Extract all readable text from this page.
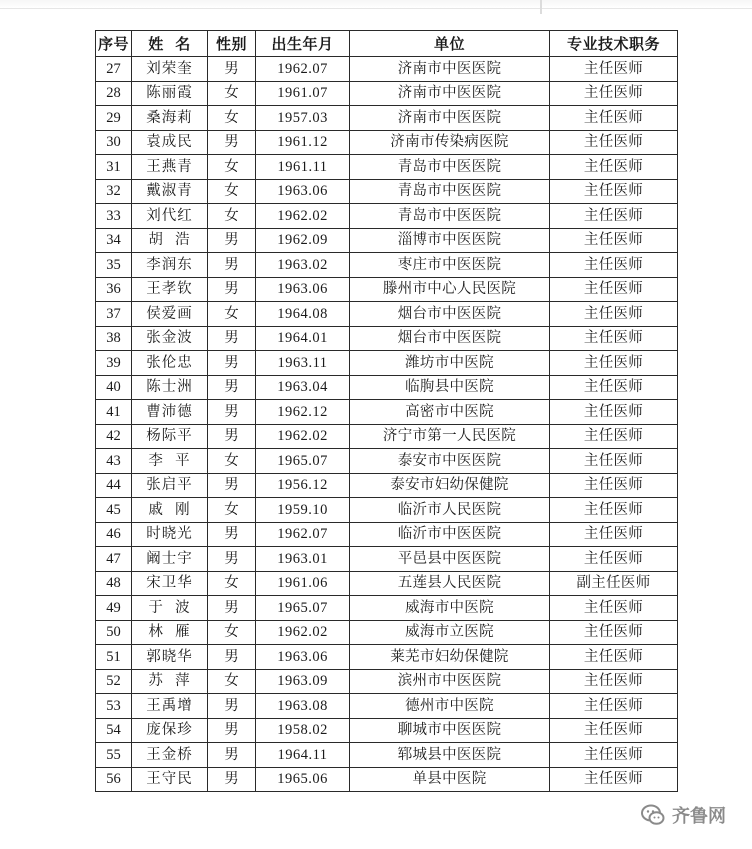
序号	姓  名	性别	出生年月	单位	专业技术职务
27	刘荣奎	男	1962.07	济南市中医医院	主任医师
28	陈丽霞	女	1961.07	济南市中医医院	主任医师
29	桑海莉	女	1957.03	济南市中医医院	主任医师
30	袁成民	男	1961.12	济南市传染病医院	主任医师
31	王燕青	女	1961.11	青岛市中医医院	主任医师
32	戴淑青	女	1963.06	青岛市中医医院	主任医师
33	刘代红	女	1962.02	青岛市中医医院	主任医师
34	胡  浩	男	1962.09	淄博市中医医院	主任医师
35	李润东	男	1963.02	枣庄市中医医院	主任医师
36	王孝钦	男	1963.06	滕州市中心人民医院	主任医师
37	侯爱画	女	1964.08	烟台市中医医院	主任医师
38	张金波	男	1964.01	烟台市中医医院	主任医师
39	张伦忠	男	1963.11	潍坊市中医院	主任医师
40	陈士洲	男	1963.04	临朐县中医院	主任医师
41	曹沛德	男	1962.12	高密市中医院	主任医师
42	杨际平	男	1962.02	济宁市第一人民医院	主任医师
43	李  平	女	1965.07	泰安市中医医院	主任医师
44	张启平	男	1956.12	泰安市妇幼保健院	主任医师
45	戚  刚	女	1959.10	临沂市人民医院	主任医师
46	时晓光	男	1962.07	临沂市中医医院	主任医师
47	阚士宇	男	1963.01	平邑县中医医院	主任医师
48	宋卫华	女	1961.06	五莲县人民医院	副主任医师
49	于  波	男	1965.07	威海市中医院	主任医师
50	林  雁	女	1962.02	威海市立医院	主任医师
51	郭晓华	男	1963.06	莱芜市妇幼保健院	主任医师
52	苏  萍	女	1963.09	滨州市中医医院	主任医师
53	王禹增	男	1963.08	德州市中医院	主任医师
54	庞保珍	男	1958.02	聊城市中医医院	主任医师
55	王金桥	男	1964.11	郓城县中医医院	主任医师
56	王守民	男	1965.06	单县中医院	主任医师
齐鲁网
